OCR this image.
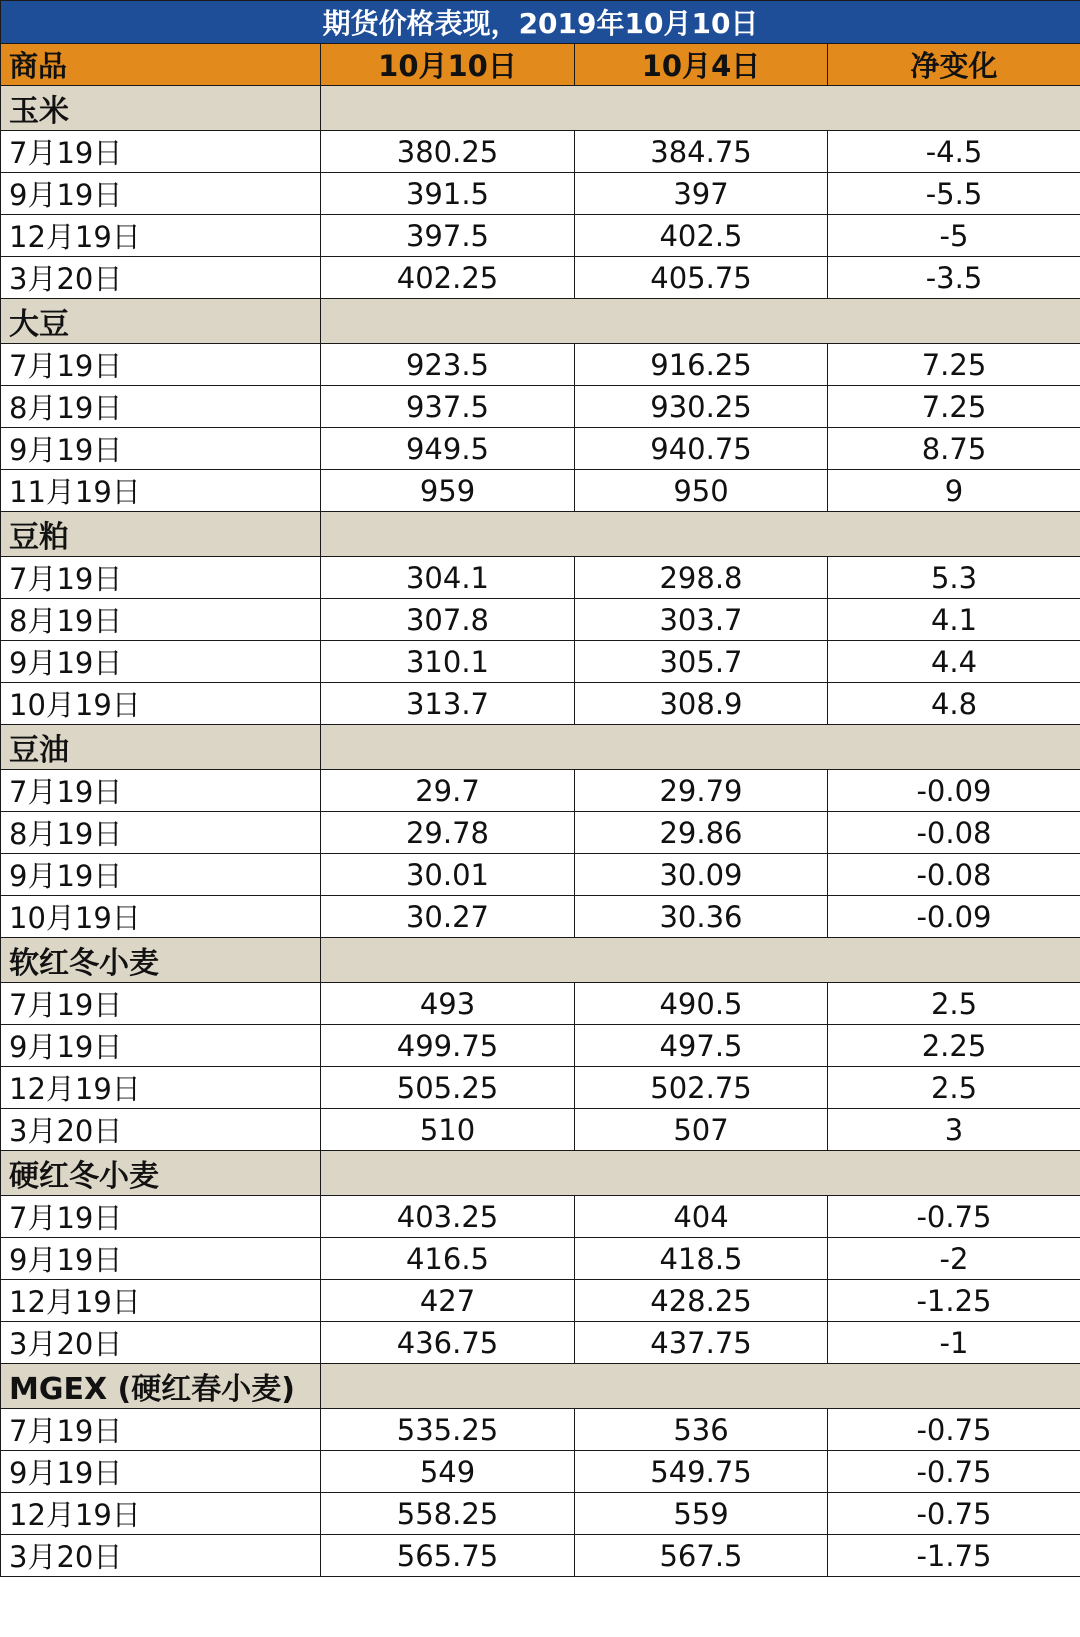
期货价格表现，2019年10月10日			
商品	10月10日	10月4日	净变化
玉米			
7月19日	380.25	384.75	-4.5
9月19日	391.5	397	-5.5
12月19日	397.5	402.5	-5
3月20日	402.25	405.75	-3.5
大豆			
7月19日	923.5	916.25	7.25
8月19日	937.5	930.25	7.25
9月19日	949.5	940.75	8.75
11月19日	959	950	9
豆粕			
7月19日	304.1	298.8	5.3
8月19日	307.8	303.7	4.1
9月19日	310.1	305.7	4.4
10月19日	313.7	308.9	4.8
豆油			
7月19日	29.7	29.79	-0.09
8月19日	29.78	29.86	-0.08
9月19日	30.01	30.09	-0.08
10月19日	30.27	30.36	-0.09
软红冬小麦			
7月19日	493	490.5	2.5
9月19日	499.75	497.5	2.25
12月19日	505.25	502.75	2.5
3月20日	510	507	3
硬红冬小麦			
7月19日	403.25	404	-0.75
9月19日	416.5	418.5	-2
12月19日	427	428.25	-1.25
3月20日	436.75	437.75	-1
MGEX (硬红春小麦)			
7月19日	535.25	536	-0.75
9月19日	549	549.75	-0.75
12月19日	558.25	559	-0.75
3月20日	565.75	567.5	-1.75
